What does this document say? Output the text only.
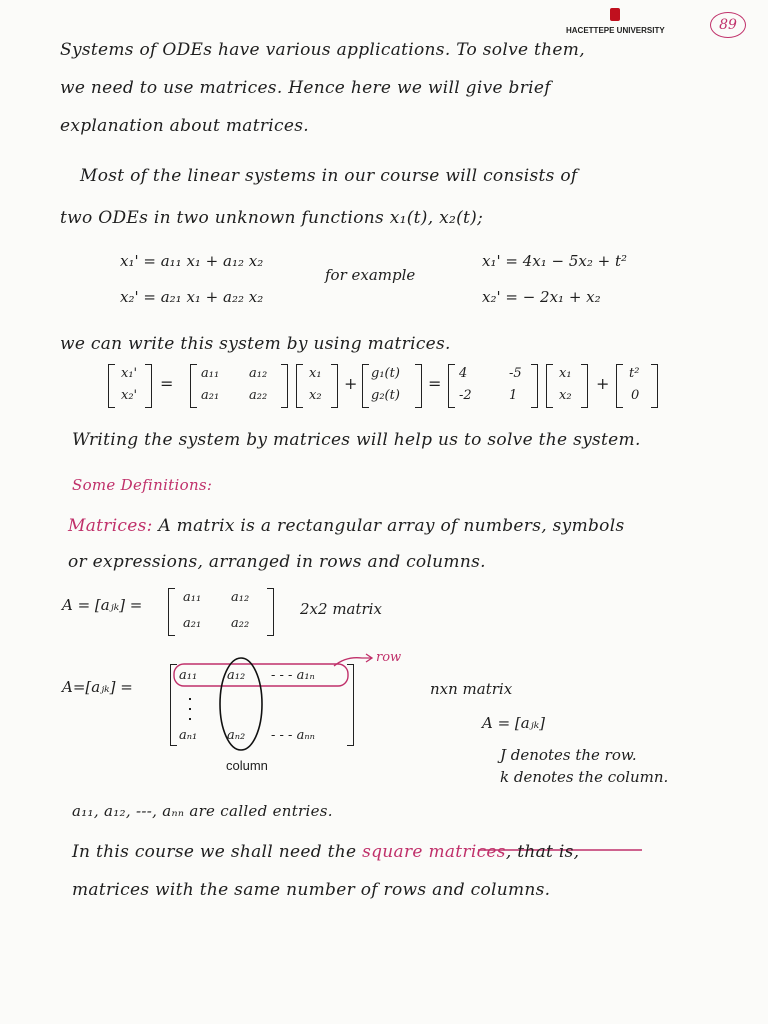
HACETTEPE UNIVERSITY	89
Systems of ODEs have various applications. To solve them,
we need to use matrices. Hence here we will give brief
explanation about matrices.
Most of the linear systems in our course will consists of
two ODEs in two unknown functions x₁(t), x₂(t);
x₁' = a₁₁ x₁ + a₁₂ x₂
x₂' = a₂₁ x₁ + a₂₂ x₂
for example
x₁' = 4x₁ − 5x₂ + t²
x₂' = − 2x₁ + x₂
we can write this system by using matrices.
x₁'
x₂'
=
a₁₁ a₁₂
a₂₁ a₂₂
x₁
x₂
+
g₁(t)
g₂(t)
=
4	-5
-2	1
x₁
x₂
+
t²
0
Writing the system by matrices will help us to solve the system.
Some Definitions:
Matrices: A matrix is a rectangular array of numbers, symbols
or expressions, arranged in rows and columns.
A = [aⱼₖ] =	a₁₁ a₁₂
a₂₁ a₂₂
2x2 matrix
A=[aⱼₖ] =
a₁₁ a₁₂ - - - a₁ₙ
aₙ₁ aₙ₂ - - - aₙₙ
row
column
nxn matrix
A = [aⱼₖ]
J denotes the row.
k denotes the column.
a₁₁, a₁₂, ---, aₙₙ are called entries.
In this course we shall need the square matrices, that is,
matrices with the same number of rows and columns.
